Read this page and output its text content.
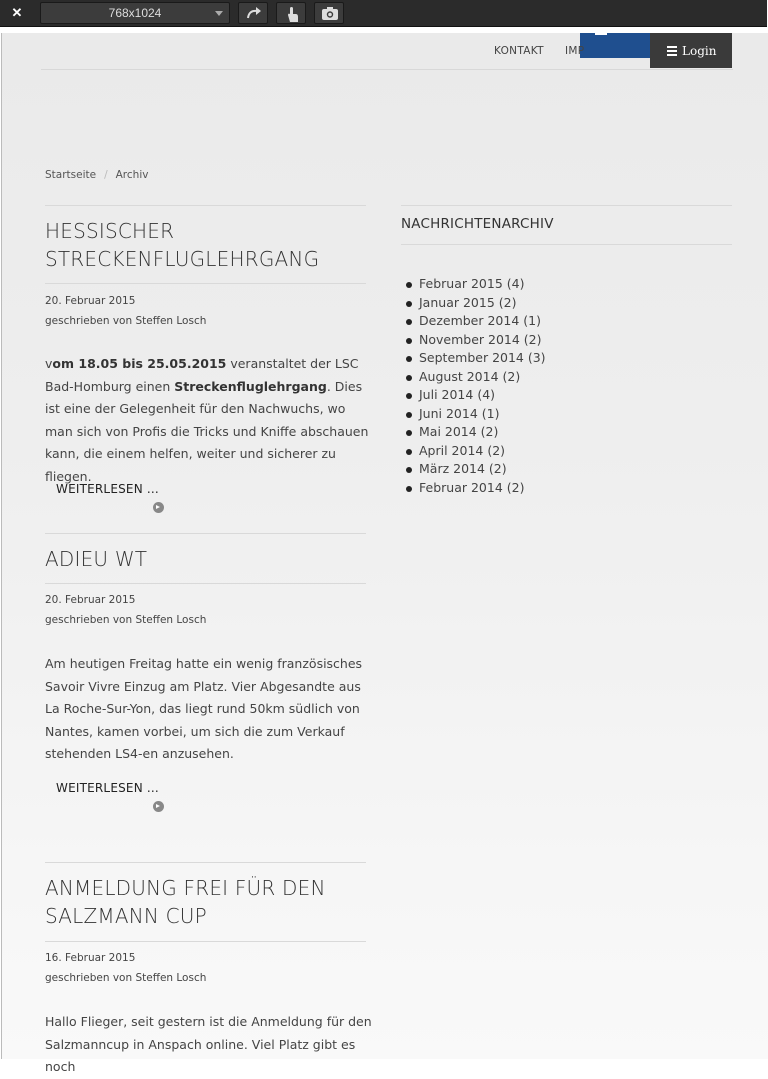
✕	768x1024
KONTAKT IMP	Login
Startseite / Archiv
HESSISCHER STRECKENFLUGLEHRGANG
20. Februar 2015
geschrieben von Steffen Losch
vom 18.05 bis 25.05.2015 veranstaltet der LSC Bad-Homburg einen Streckenfluglehrgang. Dies ist eine der Gelegenheit für den Nachwuchs, wo man sich von Profis die Tricks und Kniffe abschauen kann, die einem helfen, weiter und sicherer zu fliegen.
WEITERLESEN ...
ADIEU WT
20. Februar 2015
geschrieben von Steffen Losch
Am heutigen Freitag hatte ein wenig französisches Savoir Vivre Einzug am Platz. Vier Abgesandte aus La Roche-Sur-Yon, das liegt rund 50km südlich von Nantes, kamen vorbei, um sich die zum Verkauf stehenden LS4-en anzusehen.
WEITERLESEN ...
ANMELDUNG FREI FÜR DEN SALZMANN CUP
16. Februar 2015
geschrieben von Steffen Losch
Hallo Flieger, seit gestern ist die Anmeldung für den Salzmanncup in Anspach online. Viel Platz gibt es noch
NACHRICHTENARCHIV
Februar 2015 (4)
Januar 2015 (2)
Dezember 2014 (1)
November 2014 (2)
September 2014 (3)
August 2014 (2)
Juli 2014 (4)
Juni 2014 (1)
Mai 2014 (2)
April 2014 (2)
März 2014 (2)
Februar 2014 (2)
